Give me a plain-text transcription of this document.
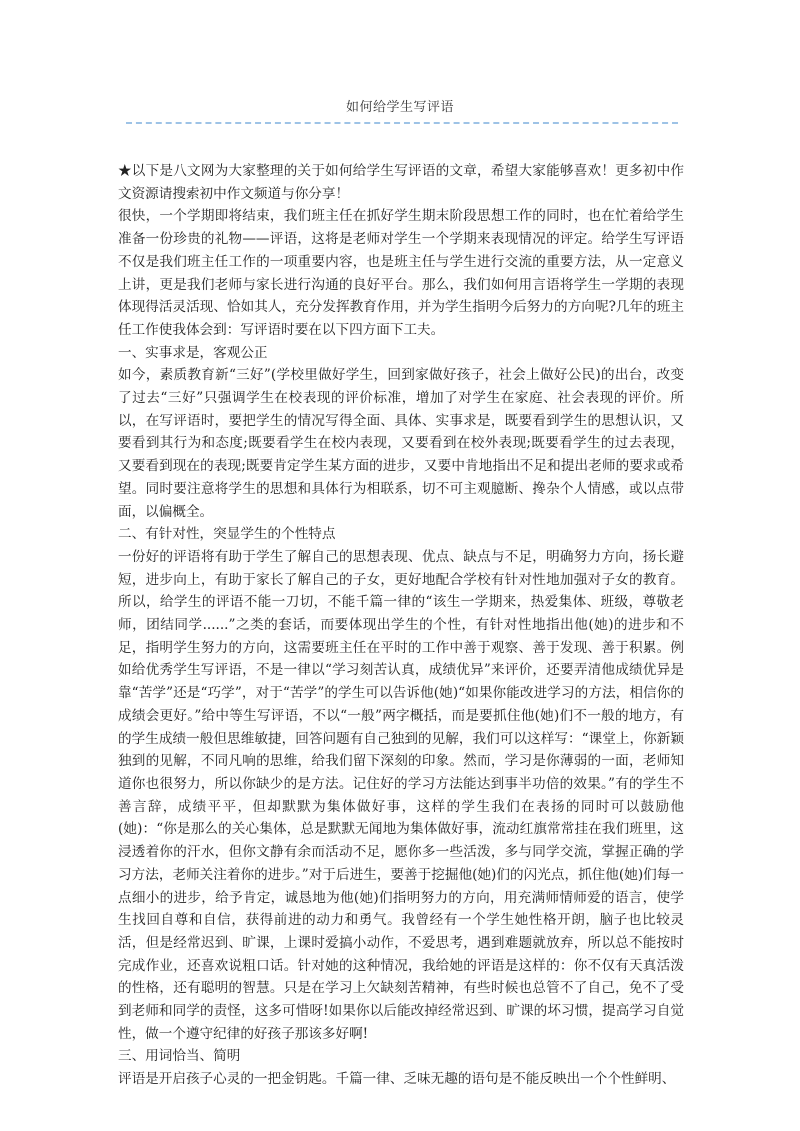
如何给学生写评语

★以下是八文网为大家整理的关于如何给学生写评语的文章，希望大家能够喜欢！更多初中作文资源请搜索初中作文频道与你分享！

很快，一个学期即将结束，我们班主任在抓好学生期末阶段思想工作的同时，也在忙着给学生准备一份珍贵的礼物——评语，这将是老师对学生一个学期来表现情况的评定。给学生写评语不仅是我们班主任工作的一项重要内容，也是班主任与学生进行交流的重要方法，从一定意义上讲，更是我们老师与家长进行沟通的良好平台。那么，我们如何用言语将学生一学期的表现体现得活灵活现、恰如其人，充分发挥教育作用，并为学生指明今后努力的方向呢?几年的班主任工作使我体会到：写评语时要在以下四方面下工夫。

一、实事求是，客观公正

如今，素质教育新“三好”(学校里做好学生，回到家做好孩子，社会上做好公民)的出台，改变了过去“三好”只强调学生在校表现的评价标准，增加了对学生在家庭、社会表现的评价。所以，在写评语时，要把学生的情况写得全面、具体、实事求是，既要看到学生的思想认识，又要看到其行为和态度;既要看学生在校内表现，又要看到在校外表现;既要看学生的过去表现，又要看到现在的表现;既要肯定学生某方面的进步，又要中肯地指出不足和提出老师的要求或希望。同时要注意将学生的思想和具体行为相联系，切不可主观臆断、搀杂个人情感，或以点带面，以偏概全。

二、有针对性，突显学生的个性特点

一份好的评语将有助于学生了解自己的思想表现、优点、缺点与不足，明确努力方向，扬长避短，进步向上，有助于家长了解自己的子女，更好地配合学校有针对性地加强对子女的教育。所以，给学生的评语不能一刀切，不能千篇一律的“该生一学期来，热爱集体、班级，尊敬老师，团结同学......”之类的套话，而要体现出学生的个性，有针对性地指出他(她)的进步和不足，指明学生努力的方向，这需要班主任在平时的工作中善于观察、善于发现、善于积累。例如给优秀学生写评语，不是一律以“学习刻苦认真，成绩优异”来评价，还要弄清他成绩优异是靠“苦学”还是“巧学”，对于“苦学”的学生可以告诉他(她)“如果你能改进学习的方法，相信你的成绩会更好。”给中等生写评语，不以“一般”两字概括，而是要抓住他(她)们不一般的地方，有的学生成绩一般但思维敏捷，回答问题有自己独到的见解，我们可以这样写：“课堂上，你新颖独到的见解，不同凡响的思维，给我们留下深刻的印象。然而，学习是你薄弱的一面，老师知道你也很努力，所以你缺少的是方法。记住好的学习方法能达到事半功倍的效果。”有的学生不善言辞，成绩平平，但却默默为集体做好事，这样的学生我们在表扬的同时可以鼓励他(她)：“你是那么的关心集体，总是默默无闻地为集体做好事，流动红旗常常挂在我们班里，这浸透着你的汗水，但你文静有余而活动不足，愿你多一些活泼，多与同学交流，掌握正确的学习方法，老师关注着你的进步。”对于后进生，要善于挖掘他(她)们的闪光点，抓住他(她)们每一点细小的进步，给予肯定，诚恳地为他(她)们指明努力的方向，用充满师情师爱的语言，使学生找回自尊和自信，获得前进的动力和勇气。我曾经有一个学生她性格开朗，脑子也比较灵活，但是经常迟到、旷课，上课时爱搞小动作，不爱思考，遇到难题就放弃，所以总不能按时完成作业，还喜欢说粗口话。针对她的这种情况，我给她的评语是这样的：你不仅有天真活泼的性格，还有聪明的智慧。只是在学习上欠缺刻苦精神，有些时候也总管不了自己，免不了受到老师和同学的责怪，这多可惜呀!如果你以后能改掉经常迟到、旷课的坏习惯，提高学习自觉性，做一个遵守纪律的好孩子那该多好啊!

三、用词恰当、简明

评语是开启孩子心灵的一把金钥匙。千篇一律、乏味无趣的语句是不能反映出一个个性鲜明、
